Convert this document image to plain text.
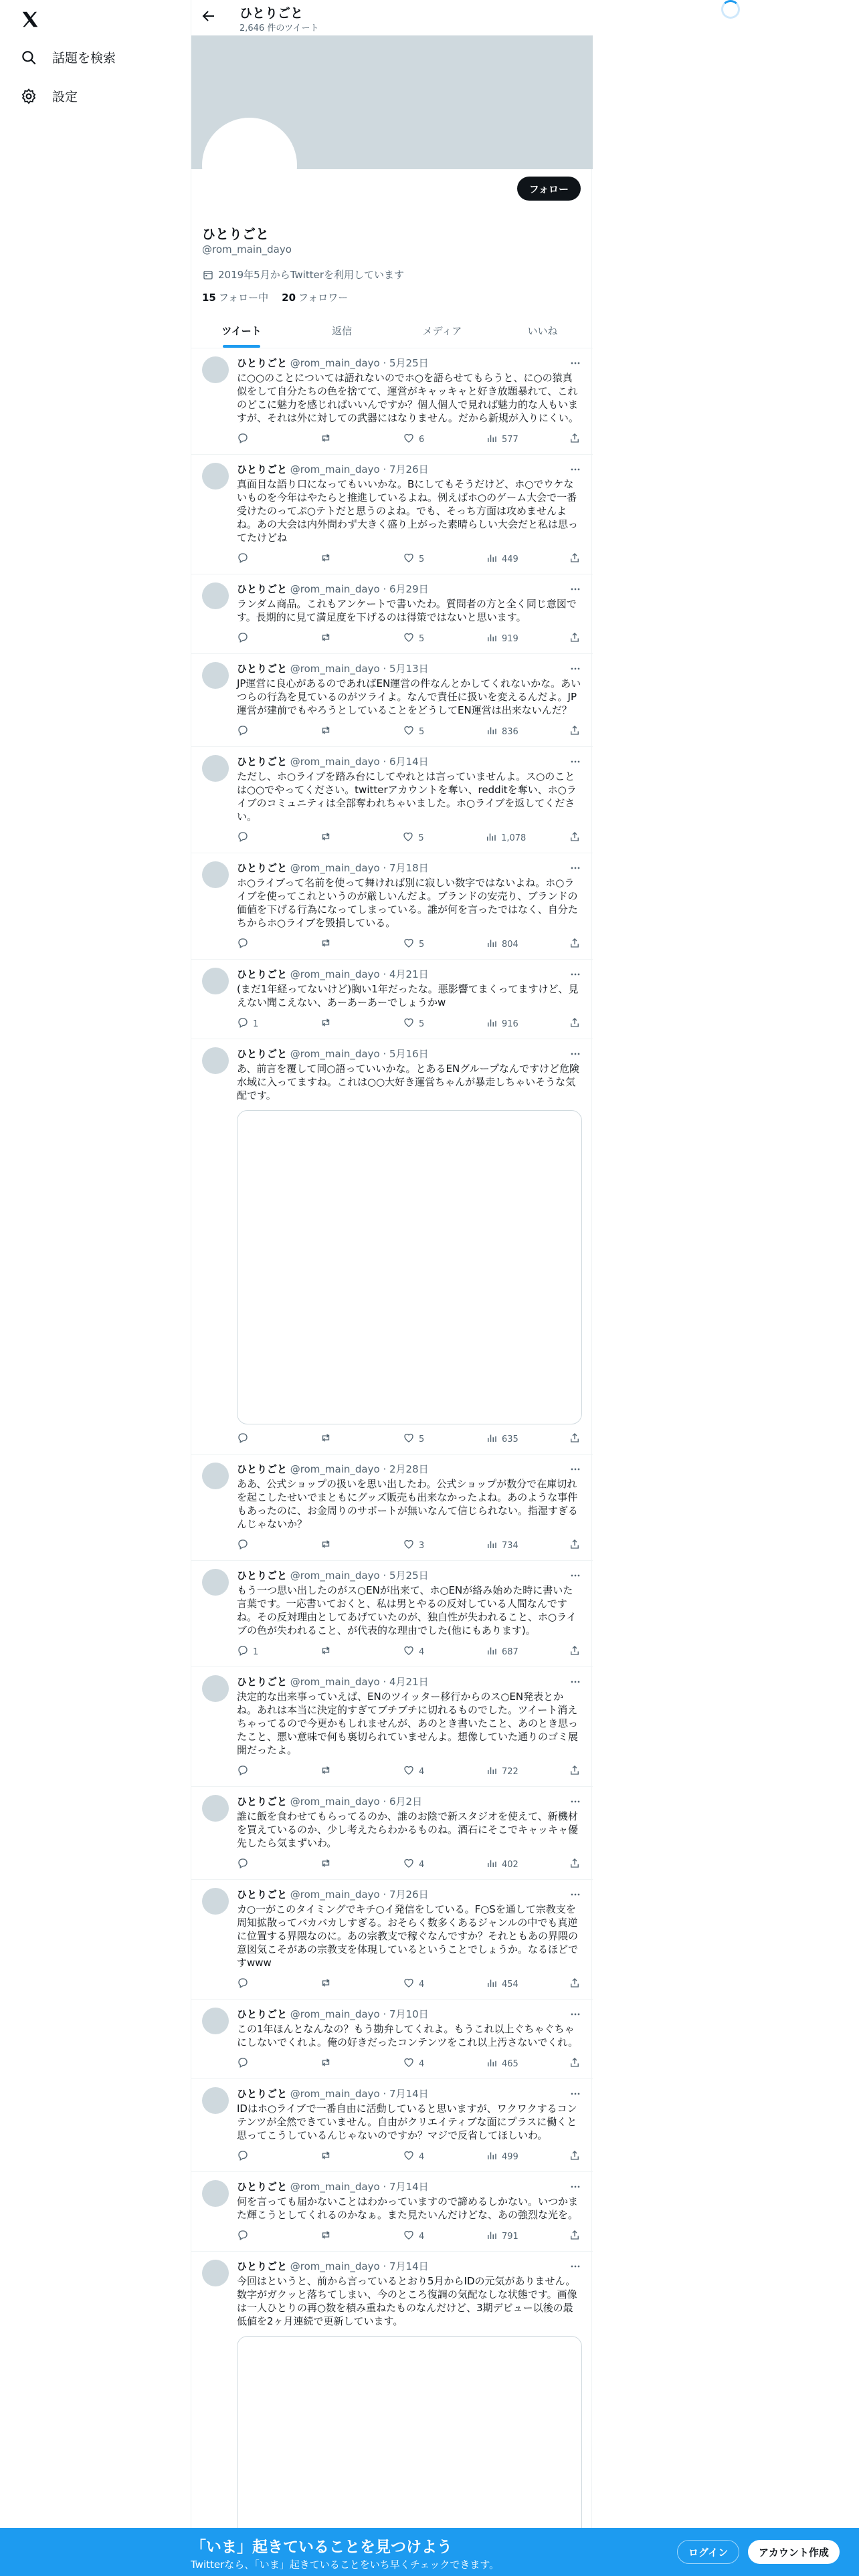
話題を検索
設定
ひとりごと
2,646 件のツイート
フォロー
ひとりごと
@rom_main_dayo
2019年5月からTwitterを利用しています
15 フォロー中 20 フォロワー
ツイート	返信	メディア	いいね
ひとりごと @rom_main_dayo · 5月25日
に○○のことについては語れないのでホ○を語らせてもらうと、に○の猿真似をして自分たちの色を捨てて、運営がキャッキャと好き放題暴れて、これのどこに魅力を感じればいいんですか？個人個人で見れば魅力的な人もいますが、それは外に対しての武器にはなりません。だから新規が入りにくい。
6	577
ひとりごと @rom_main_dayo · 7月26日
真面目な語り口になってもいいかな。Bにしてもそうだけど、ホ○でウケないものを今年はやたらと推進しているよね。例えばホ○のゲーム大会で一番受けたのってぷ○テトだと思うのよね。でも、そっち方面は攻めませんよね。あの大会は内外問わず大きく盛り上がった素晴らしい大会だと私は思ってたけどね
5	449
ひとりごと @rom_main_dayo · 6月29日
ランダム商品。これもアンケートで書いたわ。質問者の方と全く同じ意図です。長期的に見て満足度を下げるのは得策ではないと思います。
5	919
ひとりごと @rom_main_dayo · 5月13日
JP運営に良心があるのであればEN運営の件なんとかしてくれないかな。あいつらの行為を見ているのがツライよ。なんで責任に扱いを変えるんだよ。JP運営が建前でもやろうとしていることをどうしてEN運営は出来ないんだ？
5	836
ひとりごと @rom_main_dayo · 6月14日
ただし、ホ○ライブを踏み台にしてやれとは言っていませんよ。ス○のことは○○でやってください。twitterアカウントを奪い、redditを奪い、ホ○ライブのコミュニティは全部奪われちゃいました。ホ○ライブを返してください。
5	1,078
ひとりごと @rom_main_dayo · 7月18日
ホ○ライブって名前を使って舞ければ別に寂しい数字ではないよね。ホ○ライブを使ってこれというのが厳しいんだよ。ブランドの安売り、ブランドの価値を下げる行為になってしまっている。誰が何を言ったではなく、自分たちからホ○ライブを毀損している。
5	804
ひとりごと @rom_main_dayo · 4月21日
(まだ1年経ってないけど)胸い1年だったな。悪影響てまくってますけど、見えない聞こえない、あーあーあーでしょうかw
1	5	916
ひとりごと @rom_main_dayo · 5月16日
あ、前言を覆して同○語っていいかな。とあるENグループなんですけど危険水域に入ってますね。これは○○大好き運営ちゃんが暴走しちゃいそうな気配です。
5	635
ひとりごと @rom_main_dayo · 2月28日
ああ、公式ショップの扱いを思い出したわ。公式ショップが数分で在庫切れを起こしたせいでまともにグッズ販売も出来なかったよね。あのような事件もあったのに、お金周りのサポートが無いなんて信じられない。指湿すぎるんじゃないか？
3	734
ひとりごと @rom_main_dayo · 5月25日
もう一つ思い出したのがス○ENが出来て、ホ○ENが絡み始めた時に書いた言葉です。一応書いておくと、私は男とやるの反対している人間なんですね。その反対理由としてあげていたのが、独自性が失われること、ホ○ライブの色が失われること、が代表的な理由でした(他にもあります)。
1	4	687
ひとりごと @rom_main_dayo · 4月21日
決定的な出来事っていえば、ENのツイッター移行からのス○EN発表とかね。あれは本当に決定的すぎてブチブチに切れるものでした。ツイート消えちゃってるので今更かもしれませんが、あのとき書いたこと、あのとき思ったこと、悪い意味で何も裏切られていませんよ。想像していた通りのゴミ展開だったよ。
4	722
ひとりごと @rom_main_dayo · 6月2日
誰に飯を食わせてもらってるのか、誰のお陰で新スタジオを使えて、新機材を買えているのか、少し考えたらわかるものね。酒石にそこでキャッキャ優先したら気まずいわ。
4	402
ひとりごと @rom_main_dayo · 7月26日
カ○一がこのタイミングでキチ○イ発信をしている。F○Sを通して宗教支を周知拡散ってバカバカしすぎる。おそらく数多くあるジャンルの中でも真逆に位置する界隈なのに。あの宗教支で稼ぐなんですか？それともあの界隈の意図気こそがあの宗教支を体現しているということでしょうか。なるほどですwww
4	454
ひとりごと @rom_main_dayo · 7月10日
この1年ほんとなんなの？もう勘弁してくれよ。もうこれ以上ぐちゃぐちゃにしないでくれよ。俺の好きだったコンテンツをこれ以上汚さないでくれ。
4	465
ひとりごと @rom_main_dayo · 7月14日
IDはホ○ライブで一番自由に活動していると思いますが、ワクワクするコンテンツが全然できていません。自由がクリエイティブな面にプラスに働くと思ってこうしているんじゃないのですか？マジで反省してほしいわ。
4	499
ひとりごと @rom_main_dayo · 7月14日
何を言っても届かないことはわかっていますので諦めるしかない。いつかまた輝こうとしてくれるのかなぁ。また見たいんだけどな、あの強烈な光を。
4	791
ひとりごと @rom_main_dayo · 7月14日
今回はというと、前から言っているとおり5月からIDの元気がありません。数字がガクッと落ちてしまい、今のところ復調の気配なしな状態です。画像は一人ひとりの再○数を積み重ねたものなんだけど、3期デビュー以後の最低値を2ヶ月連続で更新しています。
「いま」起きていることを見つけよう
Twitterなら、「いま」起きていることをいち早くチェックできます。
ログイン	アカウント作成
